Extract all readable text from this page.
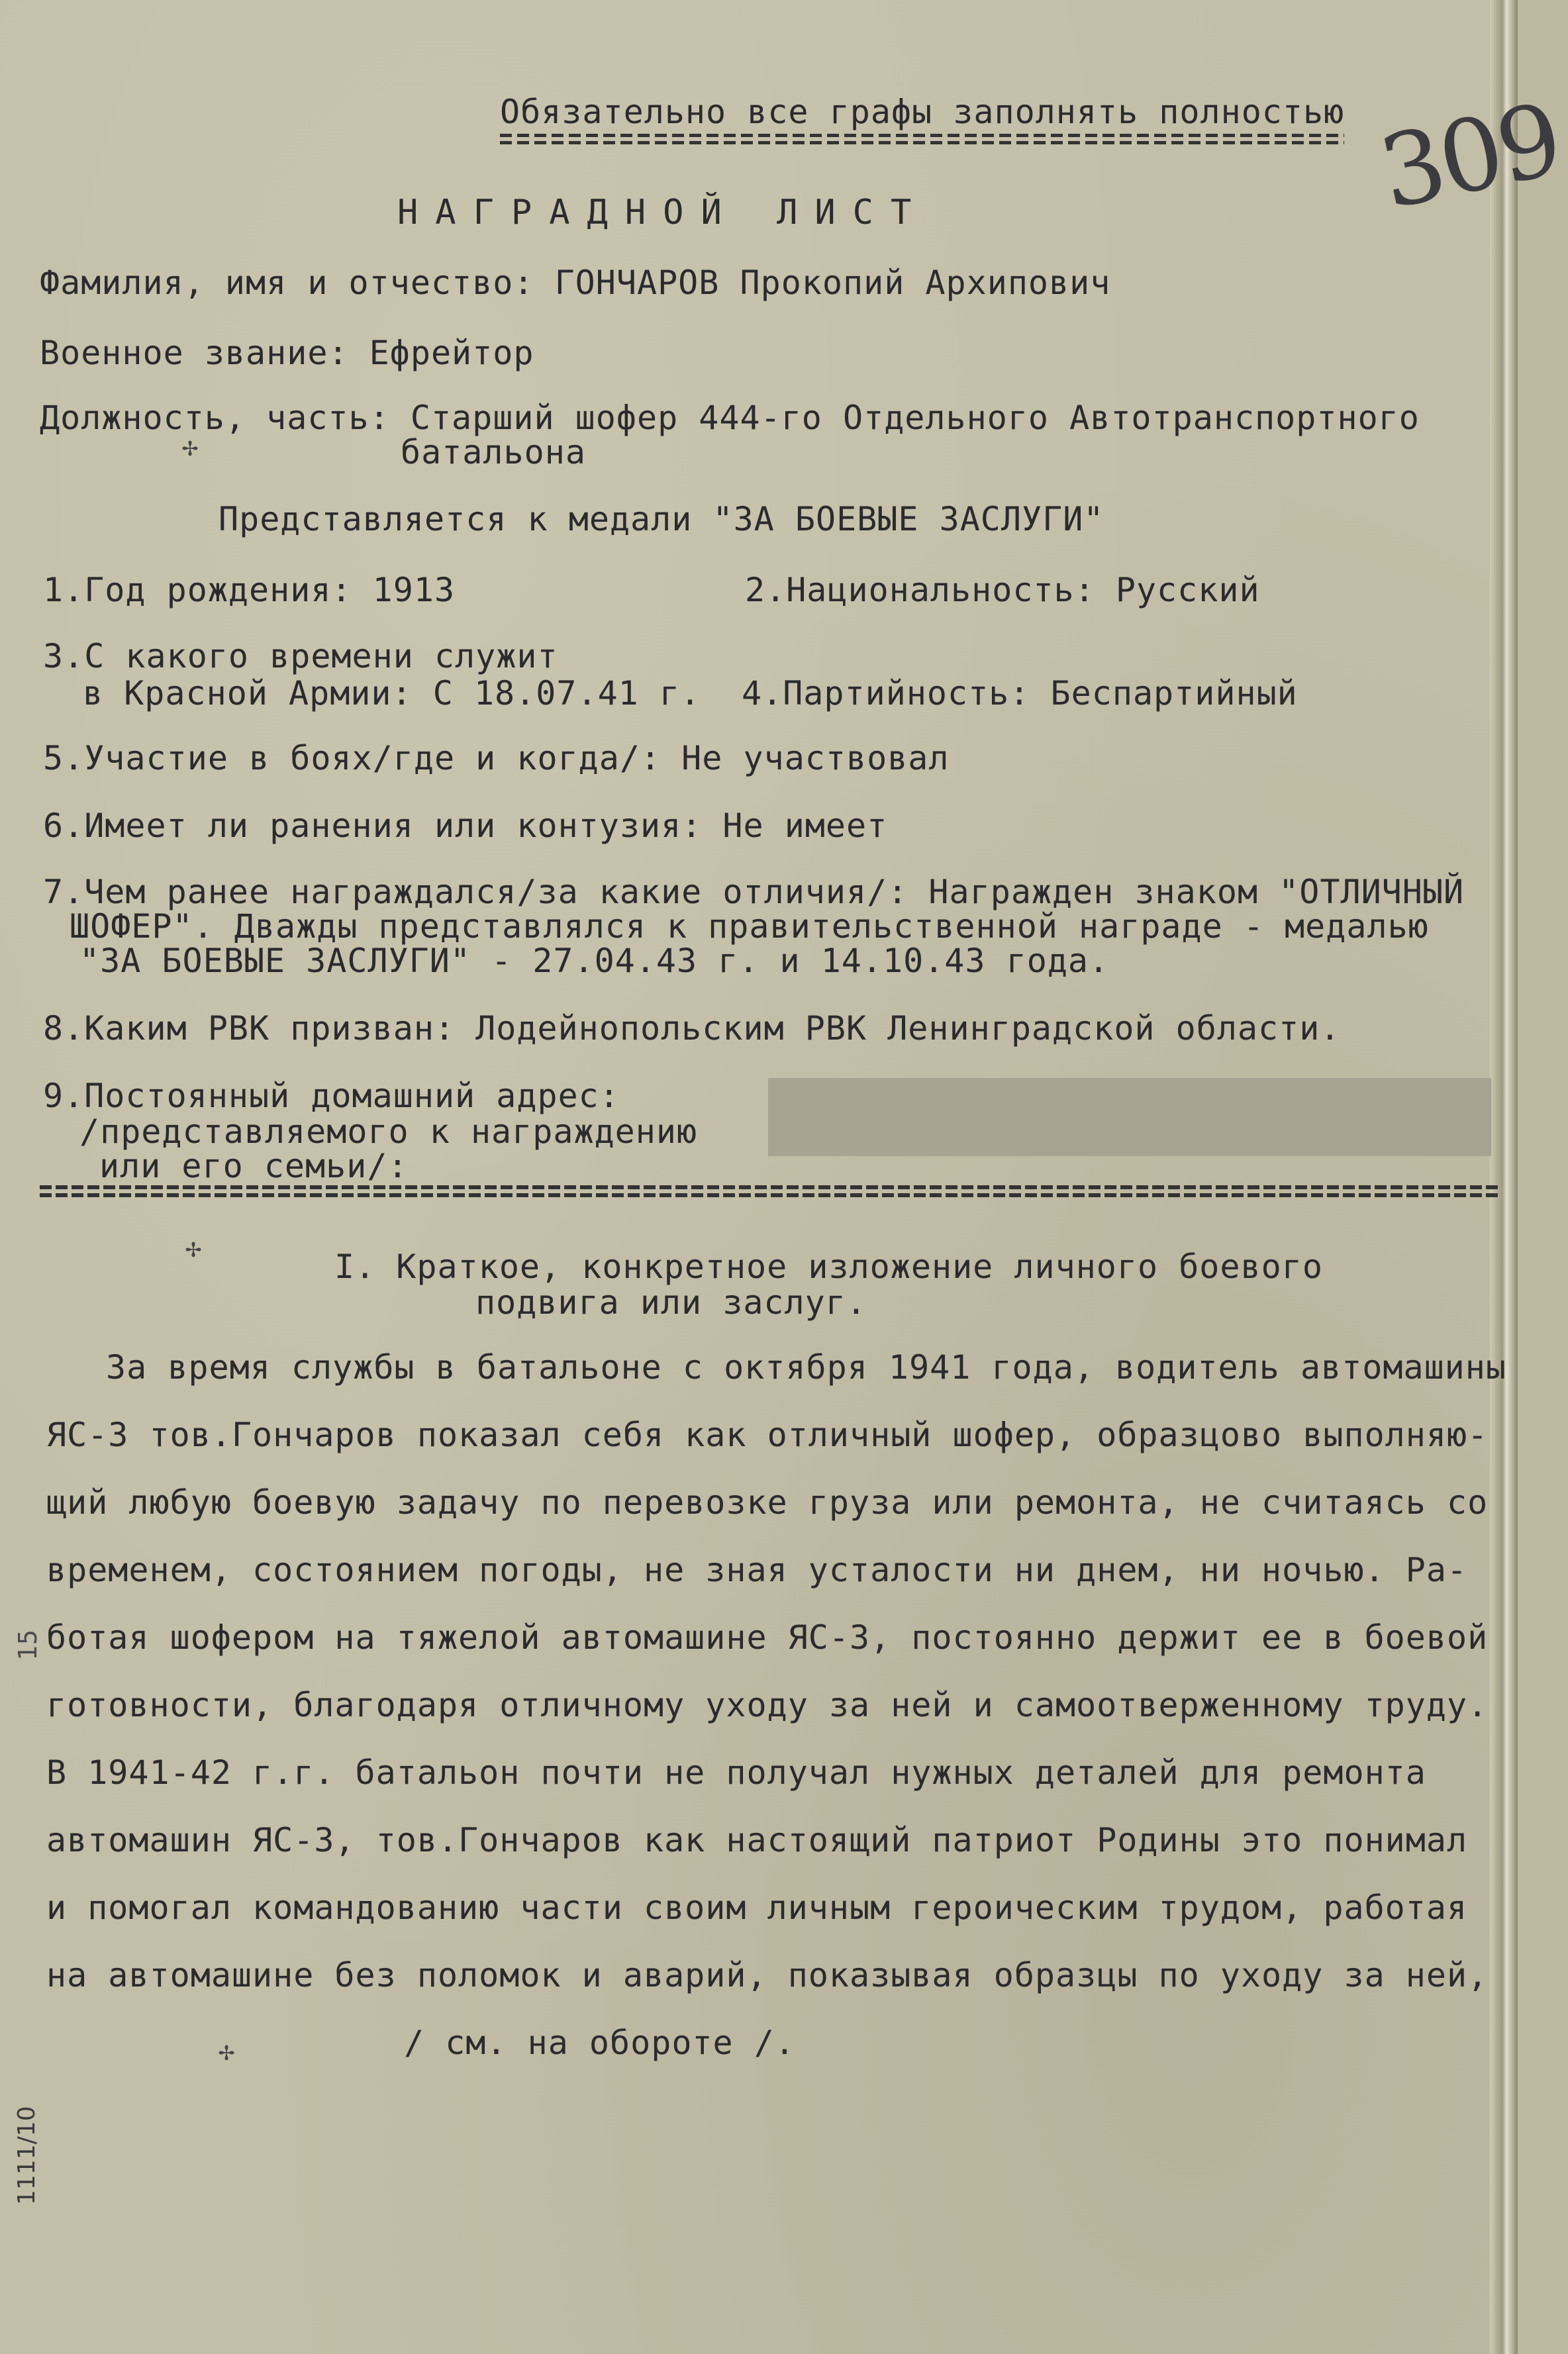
Обязательно все графы заполнять полностью 309
НАГРАДНОЙ ЛИСТ
Фамилия, имя и отчество: ГОНЧАРОВ Прокопий Архипович
Военное звание: Ефрейтор
Должность, часть: Старший шофер 444-го Отдельного Автотранспортного
батальона
✢
Представляется к медали "ЗА БОЕВЫЕ ЗАСЛУГИ"
1.Год рождения: 1913	2.Национальность: Русский
3.С какого времени служит
в Красной Армии: С 18.07.41 г. 4.Партийность: Беспартийный
5.Участие в боях/где и когда/: Не участвовал
6.Имеет ли ранения или контузия: Не имеет
7.Чем ранее награждался/за какие отличия/: Награжден знаком "ОТЛИЧНЫЙ
ШОФЕР". Дважды представлялся к правительственной награде - медалью
"ЗА БОЕВЫЕ ЗАСЛУГИ" - 27.04.43 г. и 14.10.43 года.
8.Каким РВК призван: Лодейнопольским РВК Ленинградской области.
9.Постоянный домашний адрес:
/представляемого к награждению
или его семьи/:
✢	I. Краткое, конкретное изложение личного боевого
подвига или заслуг.
За время службы в батальоне с октября 1941 года, водитель автомашины
ЯС-3 тов.Гончаров показал себя как отличный шофер, образцово выполняю-
щий любую боевую задачу по перевозке груза или ремонта, не считаясь со
временем, состоянием погоды, не зная усталости ни днем, ни ночью. Ра-
ботая шофером на тяжелой автомашине ЯС-3, постоянно держит ее в боевой
готовности, благодаря отличному уходу за ней и самоотверженному труду.
В 1941-42 г.г. батальон почти не получал нужных деталей для ремонта
автомашин ЯС-3, тов.Гончаров как настоящий патриот Родины это понимал
и помогал командованию части своим личным героическим трудом, работая
на автомашине без поломок и аварий, показывая образцы по уходу за ней,
/ см. на обороте /.
✢
15
1111/10
